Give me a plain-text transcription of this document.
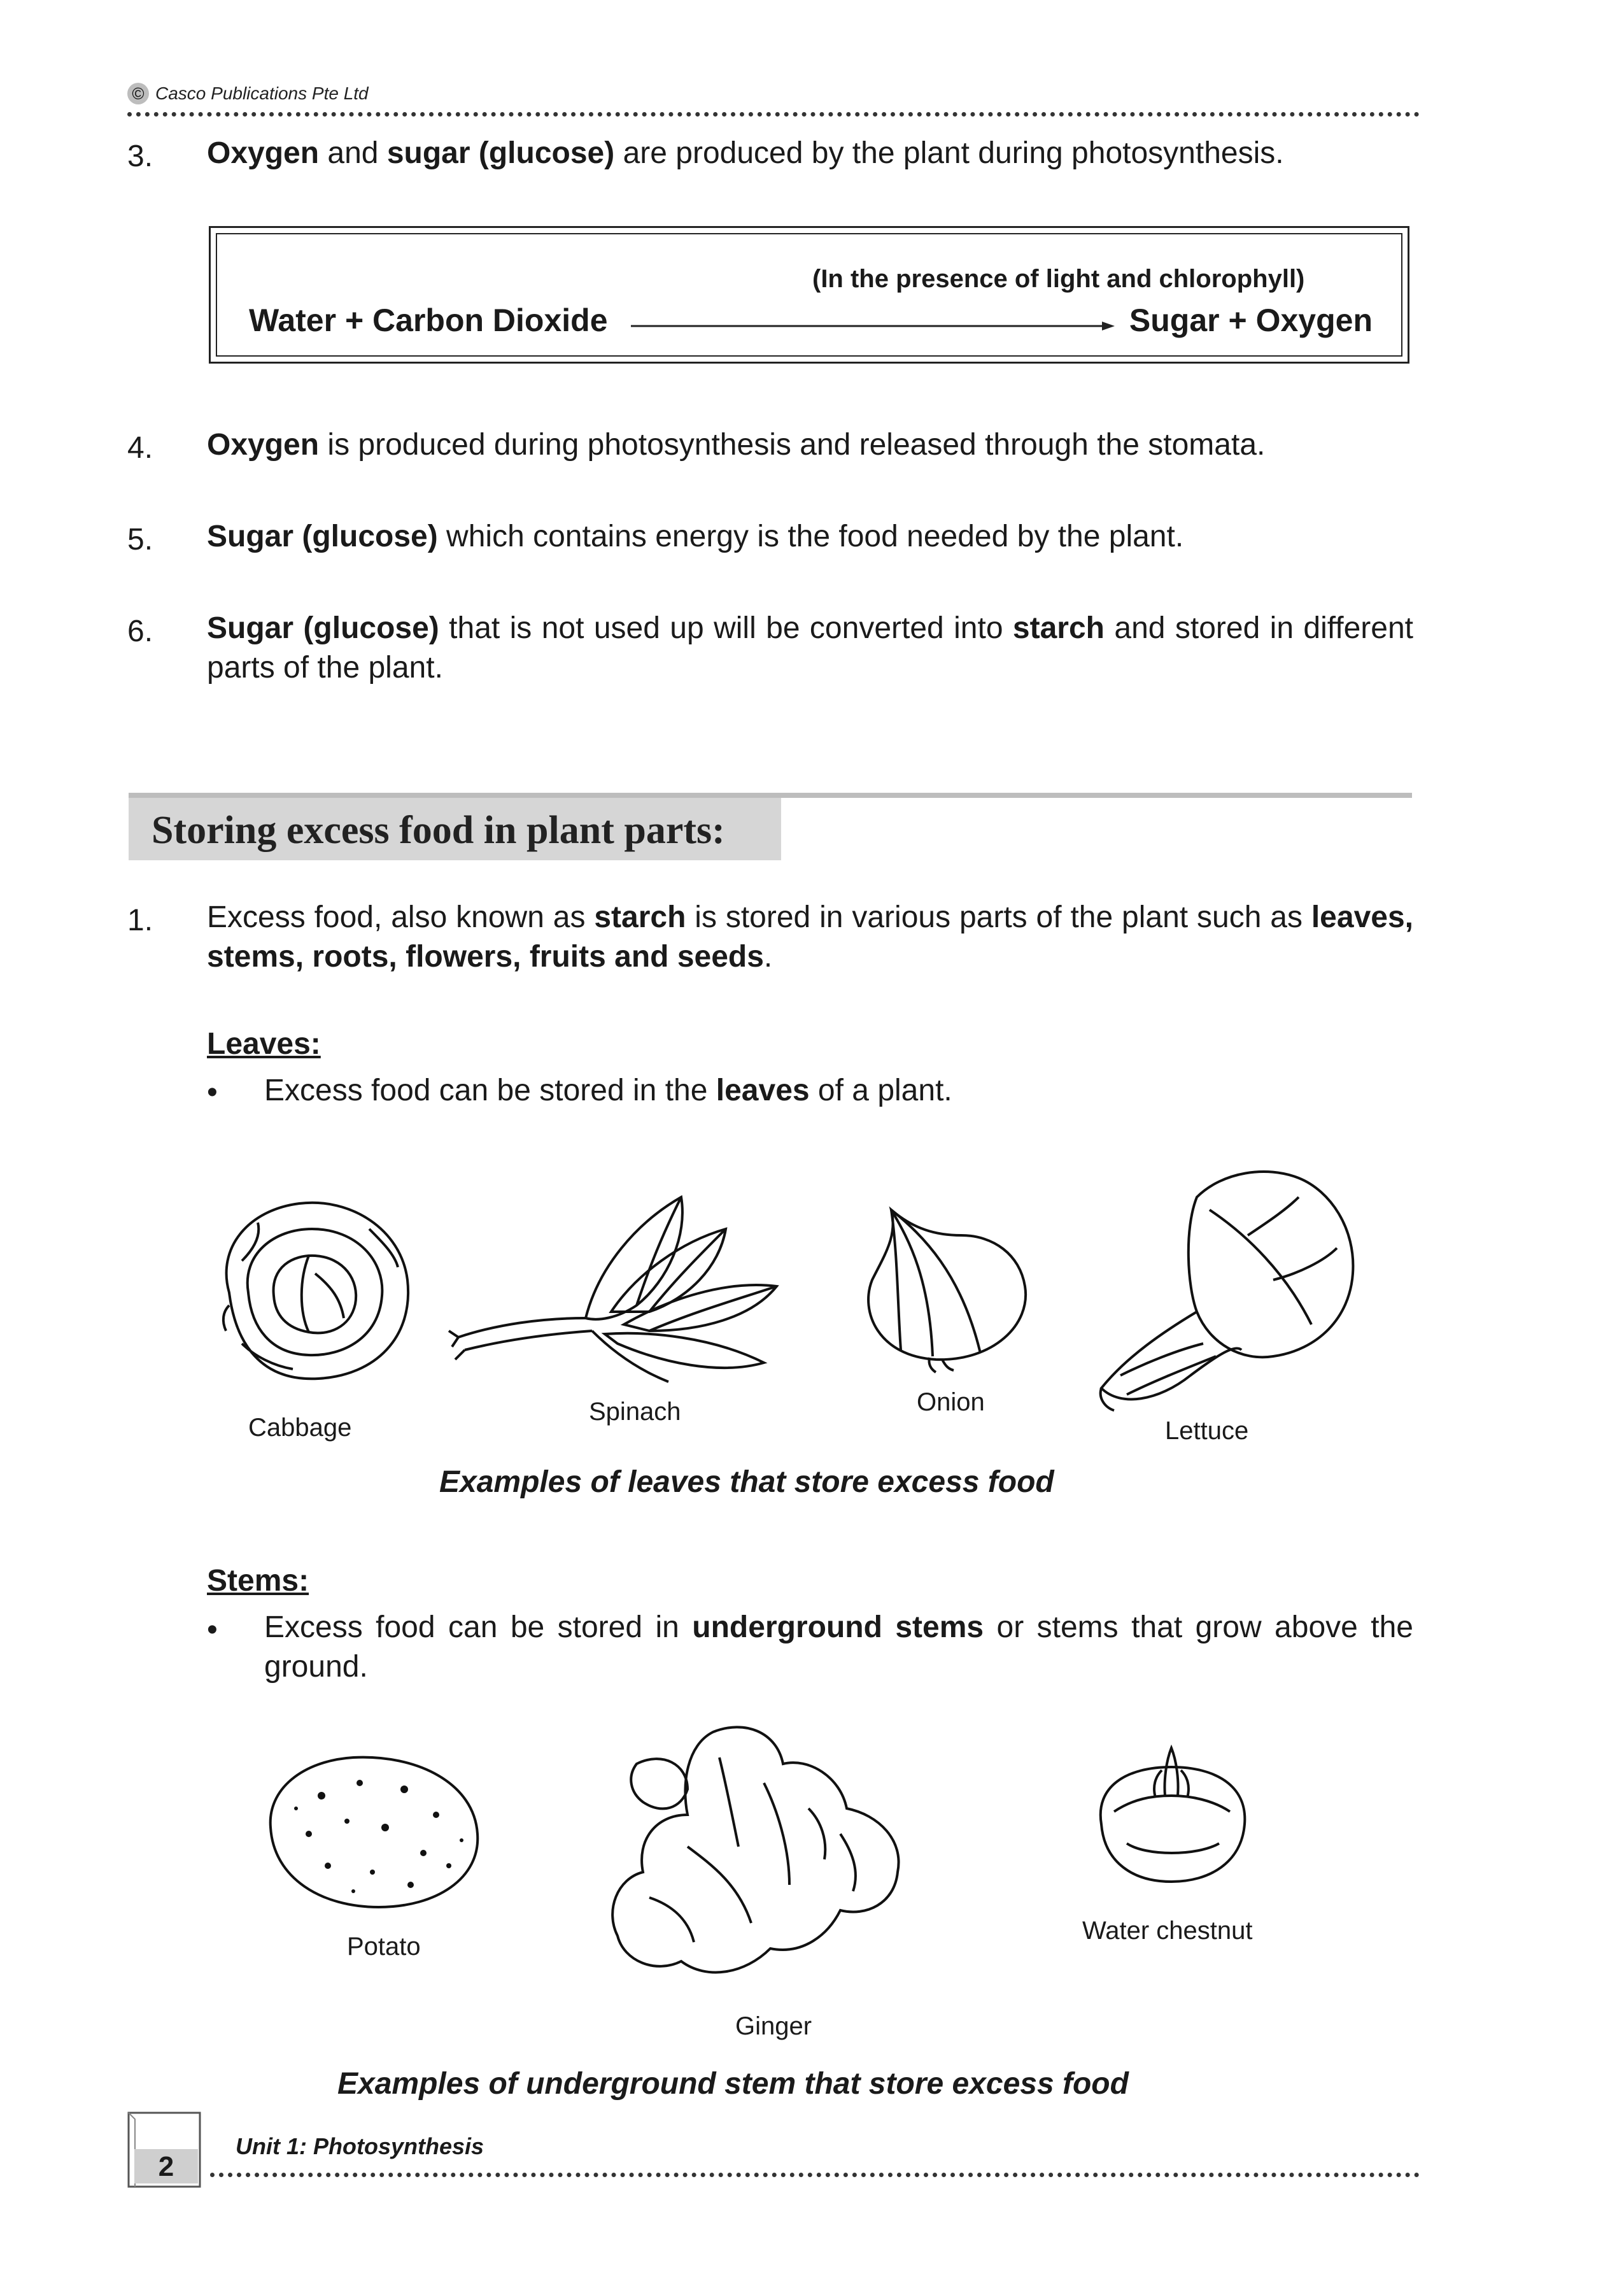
© Casco Publications Pte Ltd
3. Oxygen and sugar (glucose) are produced by the plant during photosynthesis.
(In the presence of light and chlorophyll)
Water + Carbon Dioxide	Sugar + Oxygen
4. Oxygen is produced during photosynthesis and released through the stomata.
5. Sugar (glucose) which contains energy is the food needed by the plant.
6. Sugar (glucose) that is not used up will be converted into starch and stored in different parts of the plant.
Storing excess food in plant parts:
1. Excess food, also known as starch is stored in various parts of the plant such as leaves, stems, roots, flowers, fruits and seeds.
Leaves:
• Excess food can be stored in the leaves of a plant.
Cabbage
Spinach	Onion
Lettuce
Examples of leaves that store excess food
Stems:
• Excess food can be stored in underground stems or stems that grow above the ground.
Potato
Ginger
Water chestnut
Examples of underground stem that store excess food
2
Unit 1: Photosynthesis
